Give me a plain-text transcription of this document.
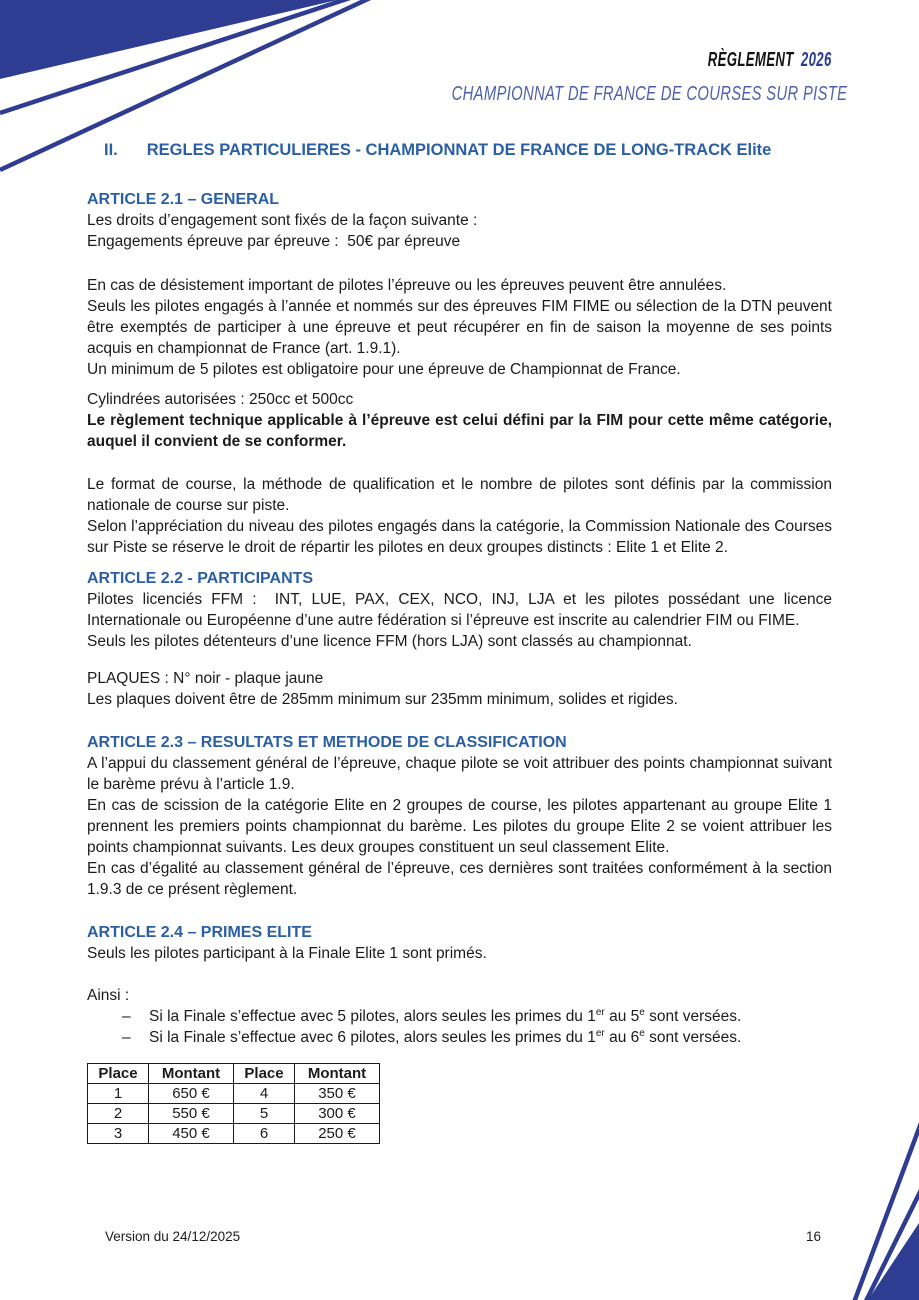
RÈGLEMENT 2026
CHAMPIONNAT DE FRANCE DE COURSES SUR PISTE
II. REGLES PARTICULIERES - CHAMPIONNAT DE FRANCE DE LONG-TRACK Elite
ARTICLE 2.1 – GENERAL

Les droits d’engagement sont fixés de la façon suivante :

Engagements épreuve par épreuve :  50€ par épreuve

En cas de désistement important de pilotes l’épreuve ou les épreuves peuvent être annulées.

Seuls les pilotes engagés à l’année et nommés sur des épreuves FIM FIME ou sélection de la DTN peuvent être exemptés de participer à une épreuve et peut récupérer en fin de saison la moyenne de ses points acquis en championnat de France (art. 1.9.1).

Un minimum de 5 pilotes est obligatoire pour une épreuve de Championnat de France.

Cylindrées autorisées : 250cc et 500cc

Le règlement technique applicable à l’épreuve est celui défini par la FIM pour cette même catégorie, auquel il convient de se conformer.

Le format de course, la méthode de qualification et le nombre de pilotes sont définis par la commission nationale de course sur piste.

Selon l’appréciation du niveau des pilotes engagés dans la catégorie, la Commission Nationale des Courses sur Piste se réserve le droit de répartir les pilotes en deux groupes distincts : Elite 1 et Elite 2.

ARTICLE 2.2 - PARTICIPANTS

Pilotes licenciés FFM :  INT, LUE, PAX, CEX, NCO, INJ, LJA et les pilotes possédant une licence Internationale ou Européenne d’une autre fédération si l’épreuve est inscrite au calendrier FIM ou FIME.

Seuls les pilotes détenteurs d’une licence FFM (hors LJA) sont classés au championnat.

PLAQUES : N° noir - plaque jaune

Les plaques doivent être de 285mm minimum sur 235mm minimum, solides et rigides.

ARTICLE 2.3 – RESULTATS ET METHODE DE CLASSIFICATION

A l’appui du classement général de l’épreuve, chaque pilote se voit attribuer des points championnat suivant le barème prévu à l’article 1.9.

En cas de scission de la catégorie Elite en 2 groupes de course, les pilotes appartenant au groupe Elite 1 prennent les premiers points championnat du barème. Les pilotes du groupe Elite 2 se voient attribuer les points championnat suivants. Les deux groupes constituent un seul classement Elite.

En cas d’égalité au classement général de l’épreuve, ces dernières sont traitées conformément à la section 1.9.3 de ce présent règlement.

ARTICLE 2.4 – PRIMES ELITE

Seuls les pilotes participant à la Finale Elite 1 sont primés.

Ainsi :

–	Si la Finale s’effectue avec 5 pilotes, alors seules les primes du 1er au 5e sont versées.
–	Si la Finale s’effectue avec 6 pilotes, alors seules les primes du 1er au 6e sont versées.
Place	Montant	Place	Montant
1	650 €	4	350 €
2	550 €	5	300 €
3	450 €	6	250 €
Version du 24/12/2025	16
